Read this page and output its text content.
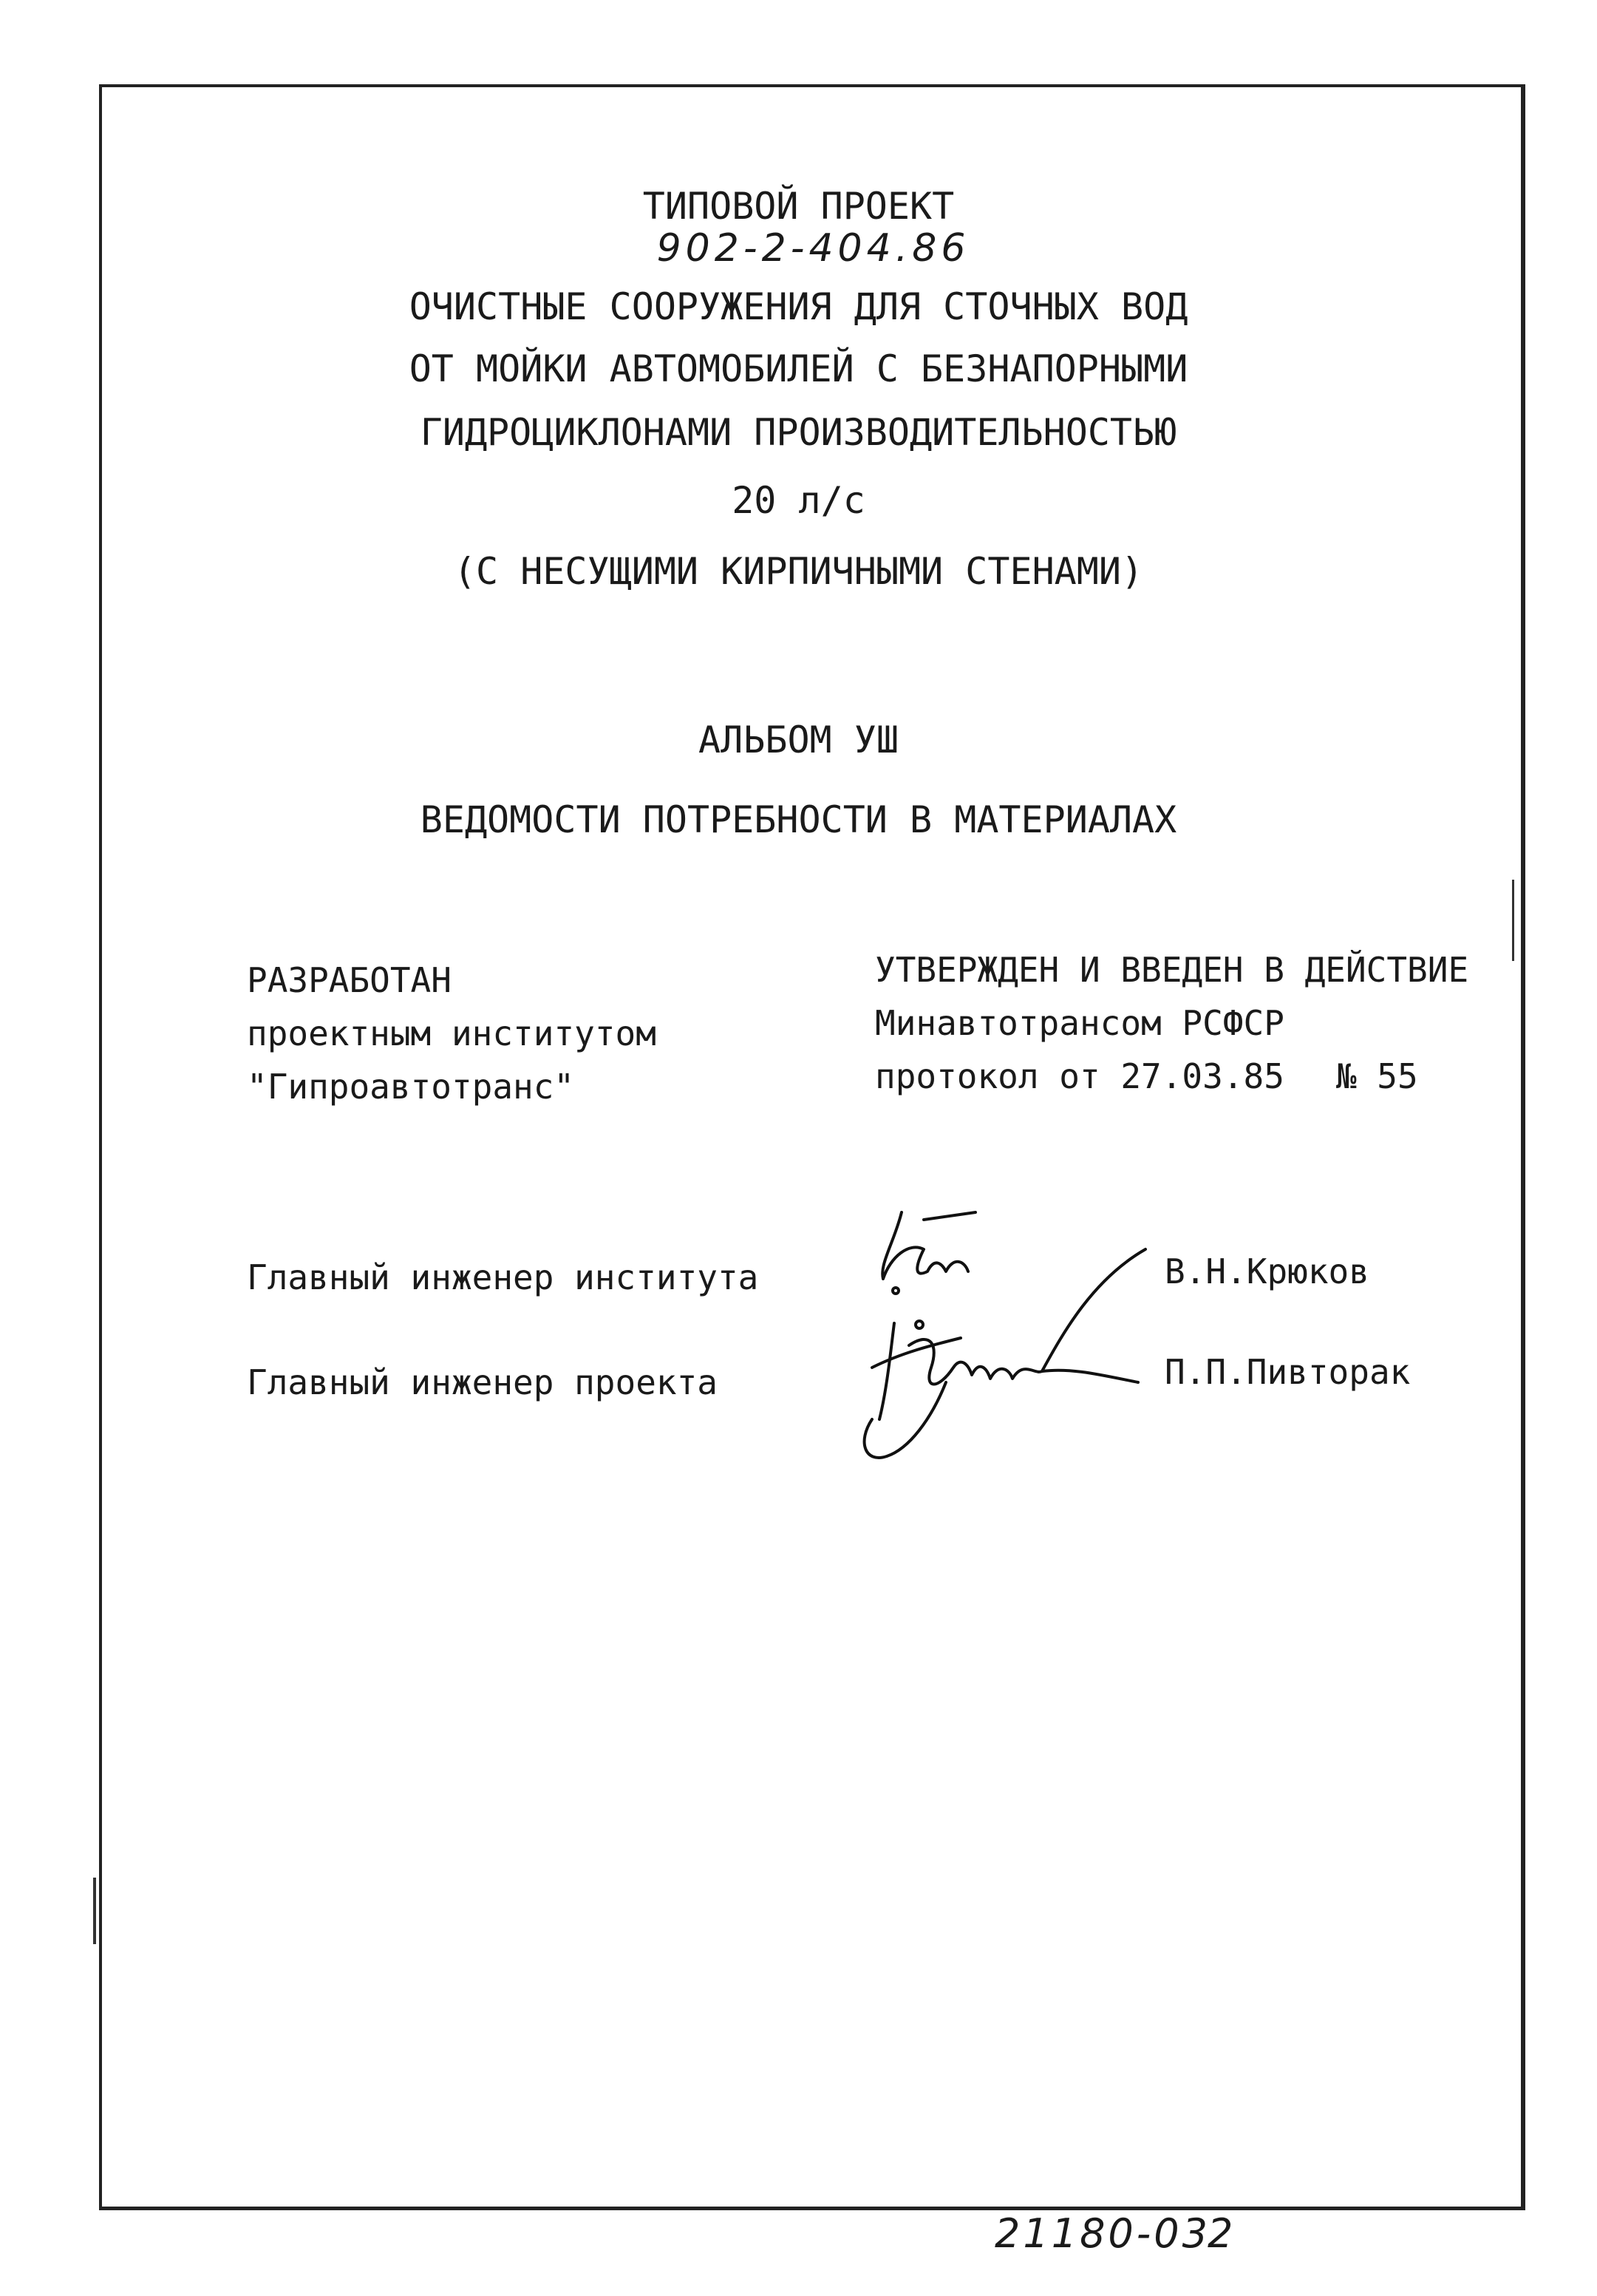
ТИПОВОЙ ПРОЕКТ
902-2-404.86
ОЧИСТНЫЕ СООРУЖЕНИЯ ДЛЯ СТОЧНЫХ ВОД
ОТ МОЙКИ АВТОМОБИЛЕЙ С БЕЗНАПОРНЫМИ
ГИДРОЦИКЛОНАМИ ПРОИЗВОДИТЕЛЬНОСТЬЮ
20 л/с
(С НЕСУЩИМИ КИРПИЧНЫМИ СТЕНАМИ)
АЛЬБОМ УШ
ВЕДОМОСТИ ПОТРЕБНОСТИ В МАТЕРИАЛАХ
РАЗРАБОТАН
проектным институтом
"Гипроавтотранс"
УТВЕРЖДЕН И ВВЕДЕН В ДЕЙСТВИЕ
Минавтотрансом РСФСР
протокол от 27.03.85 № 55
Главный инженер института	В.Н.Крюков
Главный инженер проекта	П.П.Пивторак
21180-03
2
